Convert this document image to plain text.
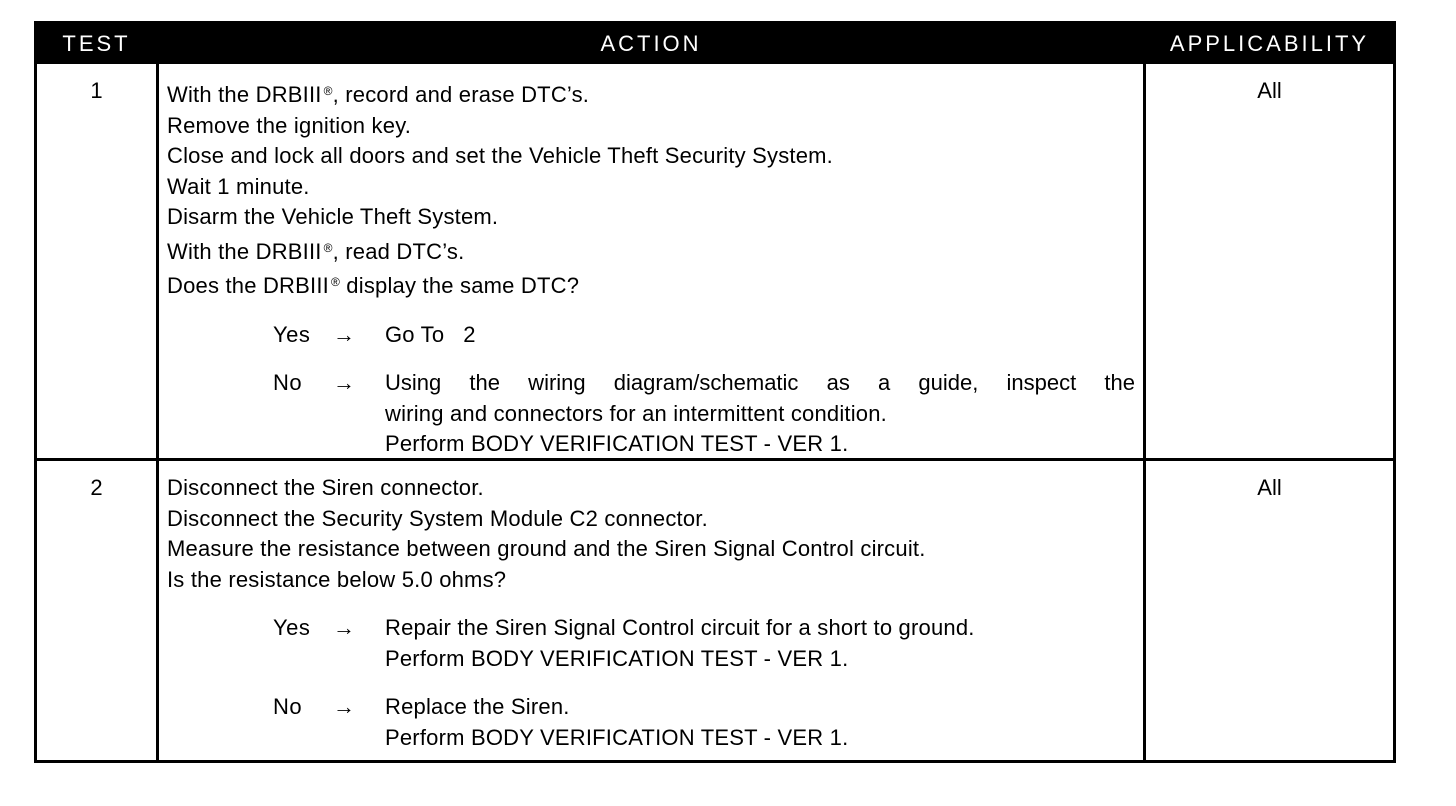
TEST	ACTION	APPLICABILITY
1	With the DRBIII ®, record and erase DTC’s.
Remove the ignition key.
Close and lock all doors and set the Vehicle Theft Security System.
Wait 1 minute.
Disarm the Vehicle Theft System.
With the DRBIII ®, read DTC’s.
Does the DRBIII ® display the same DTC?
Yes	→	Go To   2
No	→	Using the wiring diagram/schematic as a guide, inspect the
wiring and connectors for an intermittent condition.
Perform BODY VERIFICATION TEST - VER 1.
All
2	Disconnect the Siren connector.
Disconnect the Security System Module C2 connector.
Measure the resistance between ground and the Siren Signal Control circuit.
Is the resistance below 5.0 ohms?
Yes	→	Repair the Siren Signal Control circuit for a short to ground.
Perform BODY VERIFICATION TEST - VER 1.
No	→	Replace the Siren.
Perform BODY VERIFICATION TEST - VER 1.
All
